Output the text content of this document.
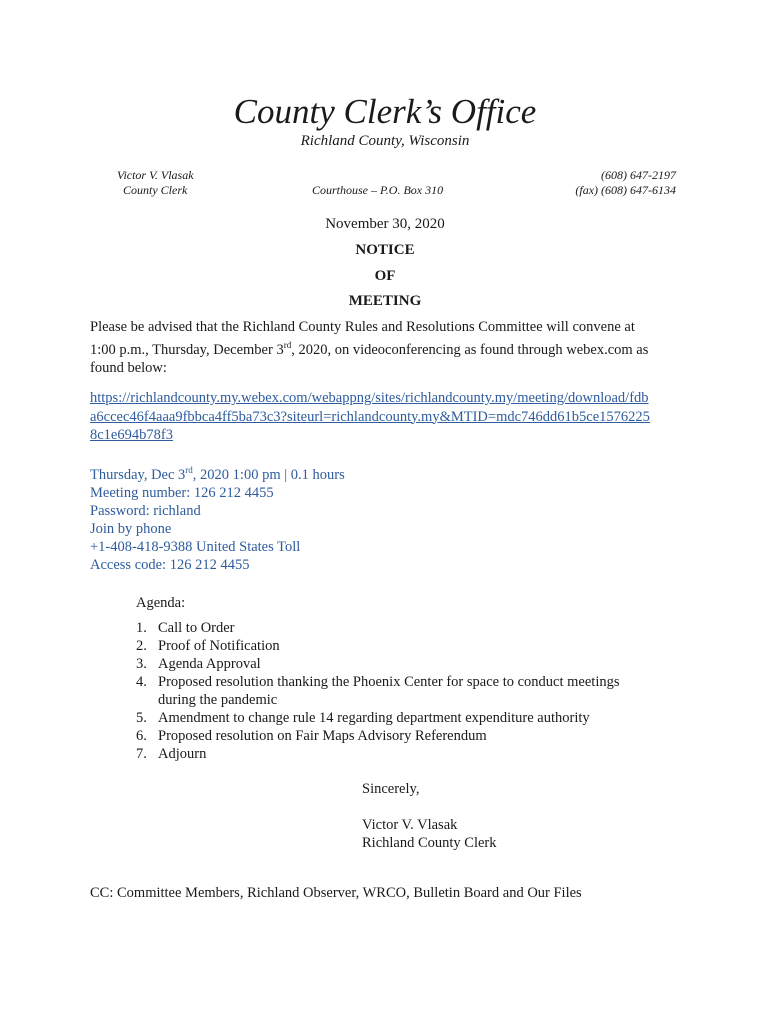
County Clerk’s Office
Richland County, Wisconsin
Victor V. Vlasak
County Clerk	Courthouse – P.O. Box 310
(608) 647-2197
(fax) (608) 647-6134
November 30, 2020
NOTICE
OF
MEETING
Please be advised that the Richland County Rules and Resolutions Committee will convene at
1:00 p.m., Thursday, December 3rd, 2020, on videoconferencing as found through webex.com as
found below:
https://richlandcounty.my.webex.com/webappng/sites/richlandcounty.my/meeting/download/fdb
a6ccec46f4aaa9fbbca4ff5ba73c3?siteurl=richlandcounty.my&MTID=mdc746dd61b5ce1576225
8c1e694b78f3
Thursday, Dec 3rd, 2020 1:00 pm | 0.1 hours
Meeting number: 126 212 4455
Password: richland
Join by phone
+1-408-418-9388 United States Toll
Access code: 126 212 4455
Agenda:
1. Call to Order
2. Proof of Notification
3. Agenda Approval
4. Proposed resolution thanking the Phoenix Center for space to conduct meetings
during the pandemic
5. Amendment to change rule 14 regarding department expenditure authority
6. Proposed resolution on Fair Maps Advisory Referendum
7. Adjourn
Sincerely,
Victor V. Vlasak
Richland County Clerk
CC: Committee Members, Richland Observer, WRCO, Bulletin Board and Our Files
